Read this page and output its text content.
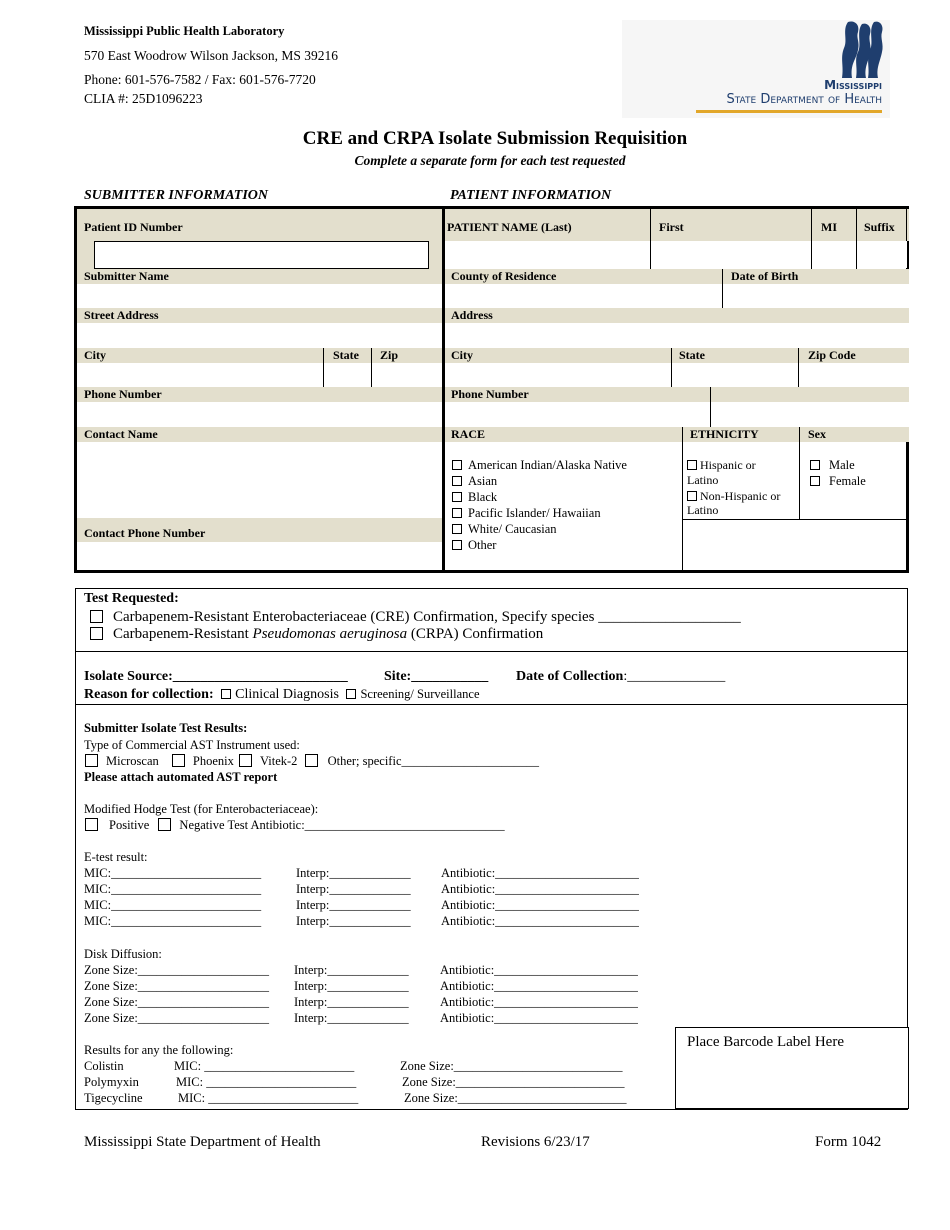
Mississippi Public Health Laboratory
570 East Woodrow Wilson Jackson, MS 39216
Phone: 601-576-7582 / Fax: 601-576-7720
CLIA #: 25D1096223
Mississippi
State Department of Health
CRE and CRPA Isolate Submission Requisition
Complete a separate form for each test requested
SUBMITTER INFORMATION	PATIENT INFORMATION
Patient ID Number
Submitter Name
Street Address
City	State Zip
Phone Number
Contact Name
Contact Phone Number
PATIENT NAME (Last)	First	MI Suffix
County of Residence	Date of Birth
Address
City	State	Zip Code
Phone Number
RACE	ETHNICITY	Sex
American Indian/Alaska Native
Asian
Black
Pacific Islander/ Hawaiian
White/ Caucasian
Other
Hispanic or
Latino
Non-Hispanic or
Latino
Male
Female
Test Requested:
Carbapenem-Resistant Enterobacteriaceae (CRE) Confirmation, Specify species ___________________
Carbapenem-Resistant Pseudomonas aeruginosa (CRPA) Confirmation
Isolate Source:_________________________	Site:___________ Date of Collection:______________
Reason for collection: Clinical Diagnosis Screening/ Surveillance
Submitter Isolate Test Results:
Type of Commercial AST Instrument used:
Microscan	Phoenix Vitek-2 Other; specific______________________
Please attach automated AST report
Modified Hodge Test (for Enterobacteriaceae):
Positive Negative Test Antibiotic:________________________________
E-test result:
MIC:________________________	Interp:_____________ Antibiotic:_______________________
MIC:________________________	Interp:_____________ Antibiotic:_______________________
MIC:________________________	Interp:_____________ Antibiotic:_______________________
MIC:________________________	Interp:_____________ Antibiotic:_______________________
Disk Diffusion:
Zone Size:_____________________ Interp:_____________	Antibiotic:_______________________
Zone Size:_____________________ Interp:_____________	Antibiotic:_______________________
Zone Size:_____________________ Interp:_____________	Antibiotic:_______________________
Zone Size:_____________________ Interp:_____________	Antibiotic:_______________________
Results for any the following:
Colistin	MIC: ________________________	Zone Size:___________________________
Polymyxin	MIC: ________________________	Zone Size:___________________________
Tigecycline	MIC: ________________________	Zone Size:___________________________
Place Barcode Label Here
Mississippi State Department of Health	Revisions 6/23/17	Form 1042
